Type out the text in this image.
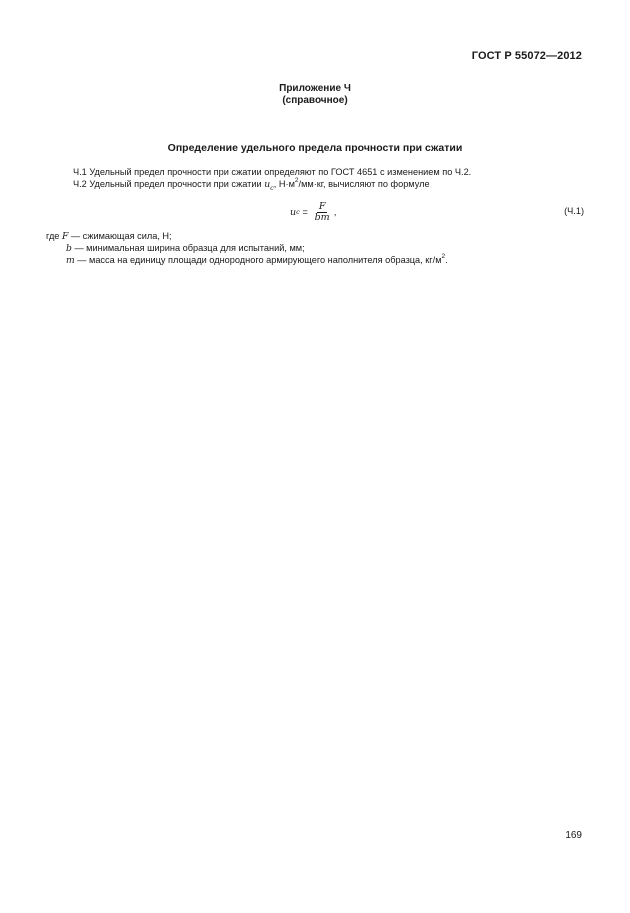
ГОСТ Р 55072—2012
Приложение Ч
(справочное)
Определение удельного предела прочности при сжатии
Ч.1 Удельный предел прочности при сжатии определяют по ГОСТ 4651 с изменением по Ч.2.
Ч.2 Удельный предел прочности при сжатии $u_c$, $Н\cdot м^2/мм\cdot кг$, вычисляют по формуле
u $c = \frac{F}{bm}$ ,	(Ч.1)
где F — сжимающая сила, Н;
b — минимальная ширина образца для испытаний, мм;
m — масса на единицу площади однородного армирующего наполнителя образца, $кг/м^2$.
169
